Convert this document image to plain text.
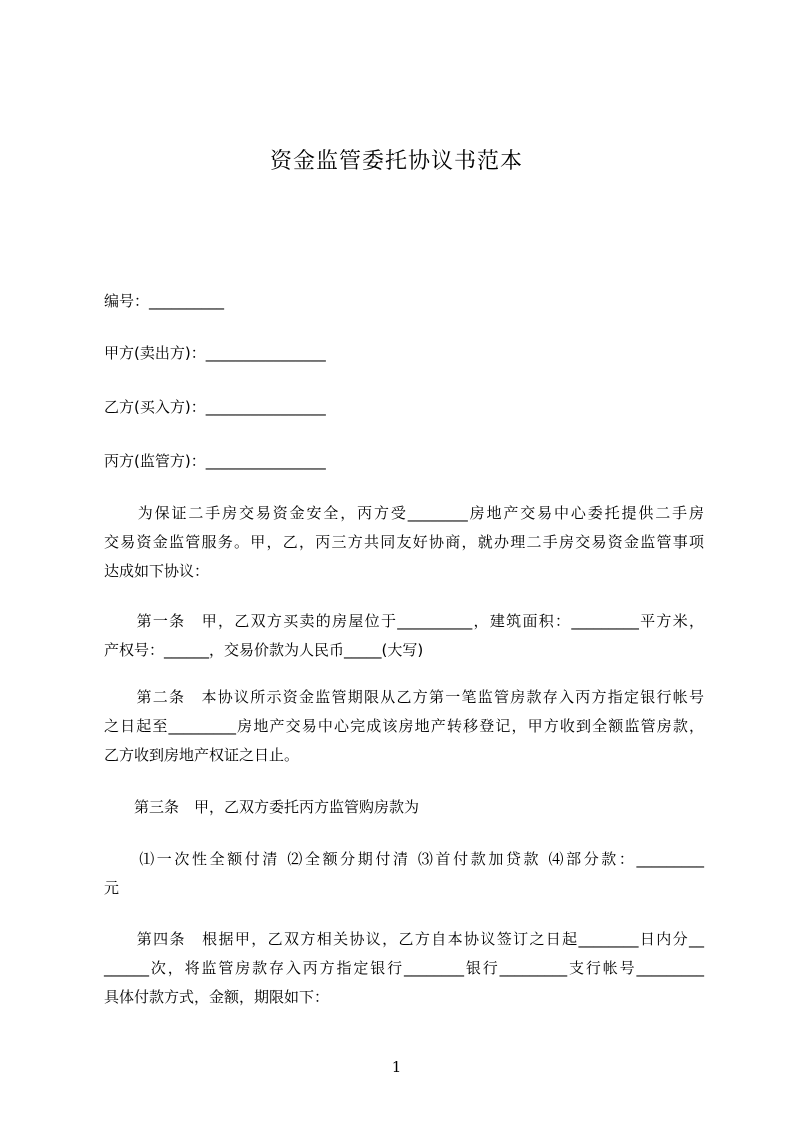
资金监管委托协议书范本
编号：__________
甲方(卖出方)：________________
乙方(买入方)：________________
丙方(监管方)：________________
　　为保证二手房交易资金安全，丙方受________房地产交易中心委托提供二手房
交易资金监管服务。甲，乙，丙三方共同友好协商，就办理二手房交易资金监管事项
达成如下协议：
　　第一条　甲，乙双方买卖的房屋位于__________，建筑面积：_________平方米，
产权号：______，交易价款为人民币_____(大写)
　　第二条　本协议所示资金监管期限从乙方第一笔监管房款存入丙方指定银行帐号
之日起至_________房地产交易中心完成该房地产转移登记，甲方收到全额监管房款，
乙方收到房地产权证之日止。
　　第三条　甲，乙双方委托丙方监管购房款为
　　⑴一次性全额付清 ⑵全额分期付清 ⑶首付款加贷款 ⑷部分款：_________
元
　　第四条　根据甲，乙双方相关协议，乙方自本协议签订之日起________日内分__
______次，将监管房款存入丙方指定银行________银行_________支行帐号_________
具体付款方式，金额，期限如下：
1
